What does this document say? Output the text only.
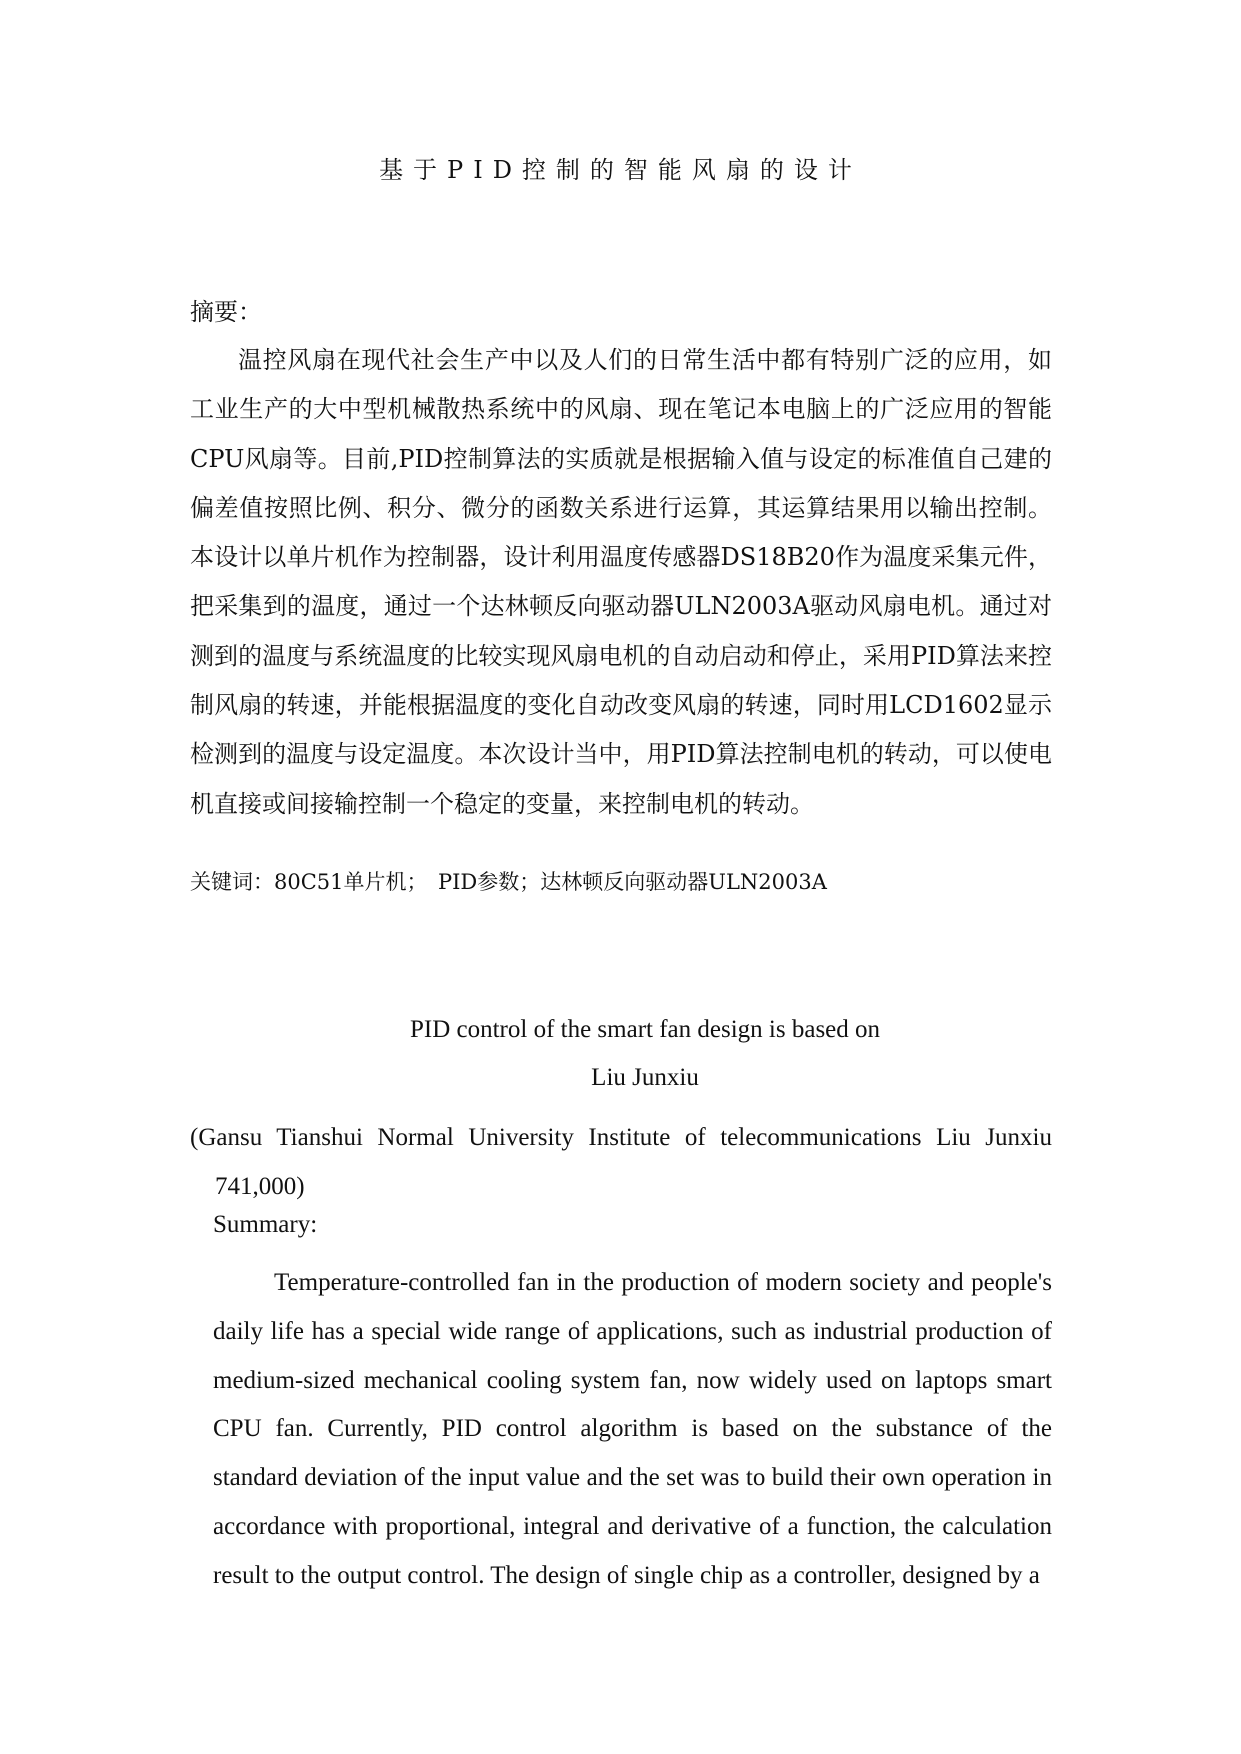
基于PID控制的智能风扇的设计
摘要：

温控风扇在现代社会生产中以及人们的日常生活中都有特别广泛的应用，如工业生产的大中型机械散热系统中的风扇、现在笔记本电脑上的广泛应用的智能CPU风扇等。目前,PID控制算法的实质就是根据输入值与设定的标准值自己建的偏差值按照比例、积分、微分的函数关系进行运算，其运算结果用以输出控制。本设计以单片机作为控制器，设计利用温度传感器DS18B20作为温度采集元件，把采集到的温度，通过一个达林顿反向驱动器ULN2003A驱动风扇电机。通过对测到的温度与系统温度的比较实现风扇电机的自动启动和停止，采用PID算法来控制风扇的转速，并能根据温度的变化自动改变风扇的转速，同时用LCD1602显示检测到的温度与设定温度。本次设计当中，用PID算法控制电机的转动，可以使电机直接或间接输控制一个稳定的变量，来控制电机的转动。

关键词：80C51单片机；　PID参数；达林顿反向驱动器ULN2003A
PID control of the smart fan design is based on
Liu Junxiu

(Gansu Tianshui Normal University Institute of telecommunications Liu Junxiu 741,000)

Summary:

Temperature-controlled fan in the production of modern society and people's daily life has a special wide range of applications, such as industrial production of medium-sized mechanical cooling system fan, now widely used on laptops smart CPU fan. Currently, PID control algorithm is based on the substance of the standard deviation of the input value and the set was to build their own operation in accordance with proportional, integral and derivative of a function, the calculation result to the output control. The design of single chip as a controller, designed by a
